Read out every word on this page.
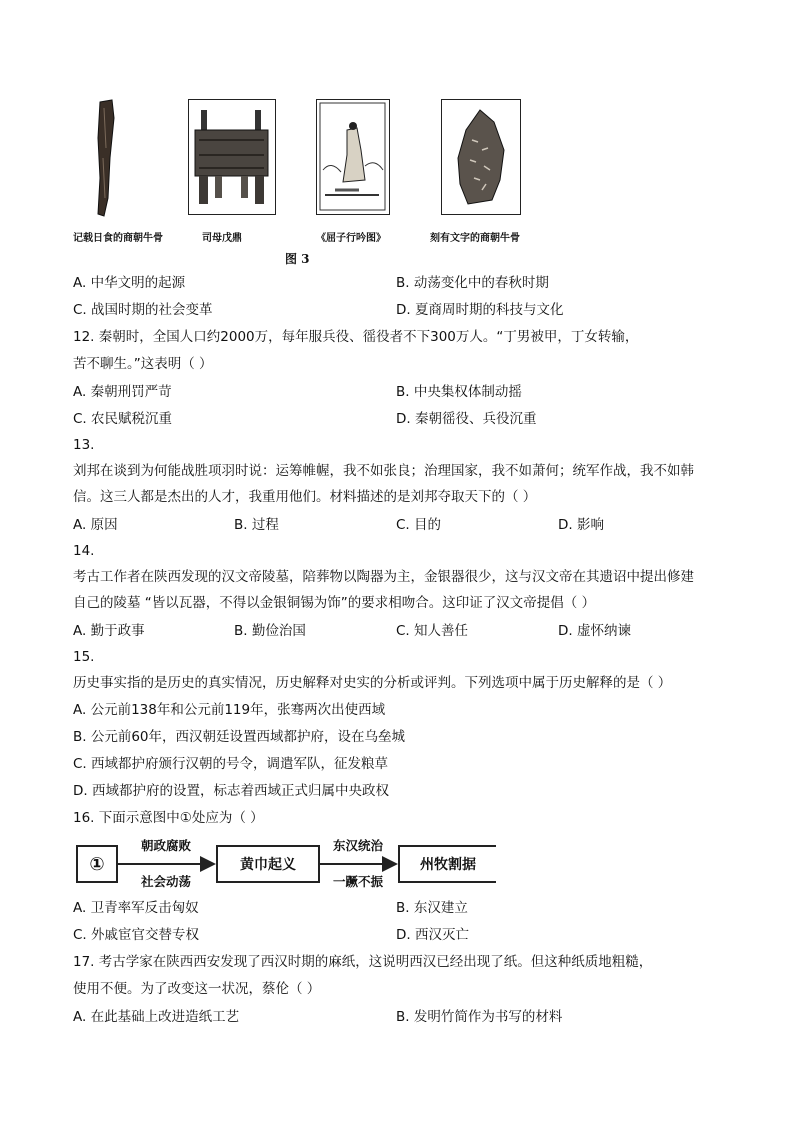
记载日食的商朝牛骨	司母戊鼎	《屈子行吟图》	刻有文字的商朝牛骨
图 3
A. 中华文明的起源	B. 动荡变化中的春秋时期
C. 战国时期的社会变革	D. 夏商周时期的科技与文化
12. 秦朝时，全国人口约2000万，每年服兵役、徭役者不下300万人。“丁男被甲，丁女转输，
苦不聊生。”这表明（ ）
A. 秦朝刑罚严苛	B. 中央集权体制动摇
C. 农民赋税沉重	D. 秦朝徭役、兵役沉重
13.
刘邦在谈到为何能战胜项羽时说：运筹帷幄，我不如张良；治理国家，我不如萧何；统军作战，我不如韩
信。这三人都是杰出的人才，我重用他们。材料描述的是刘邦夺取天下的（ ）
A. 原因	B. 过程	C. 目的	D. 影响
14.
考古工作者在陕西发现的汉文帝陵墓，陪葬物以陶器为主，金银器很少，这与汉文帝在其遗诏中提出修建
自己的陵墓 “皆以瓦器，不得以金银铜锡为饰”的要求相吻合。这印证了汉文帝提倡（ ）
A. 勤于政事	B. 勤俭治国	C. 知人善任	D. 虚怀纳谏
15.
历史事实指的是历史的真实情况，历史解释对史实的分析或评判。下列选项中属于历史解释的是（ ）
A. 公元前138年和公元前119年，张骞两次出使西域
B. 公元前60年，西汉朝廷设置西域都护府，设在乌垒城
C. 西域都护府颁行汉朝的号令，调遣军队，征发粮草
D. 西域都护府的设置，标志着西域正式归属中央政权
16. 下面示意图中①处应为（ ）
①
朝政腐败
社会动荡
黄巾起义
东汉统治
一蹶不振
州牧割据
A. 卫青率军反击匈奴	B. 东汉建立
C. 外戚宦官交替专权	D. 西汉灭亡
17. 考古学家在陕西西安发现了西汉时期的麻纸，这说明西汉已经出现了纸。但这种纸质地粗糙，
使用不便。为了改变这一状况，蔡伦（ ）
A. 在此基础上改进造纸工艺	B. 发明竹简作为书写的材料
